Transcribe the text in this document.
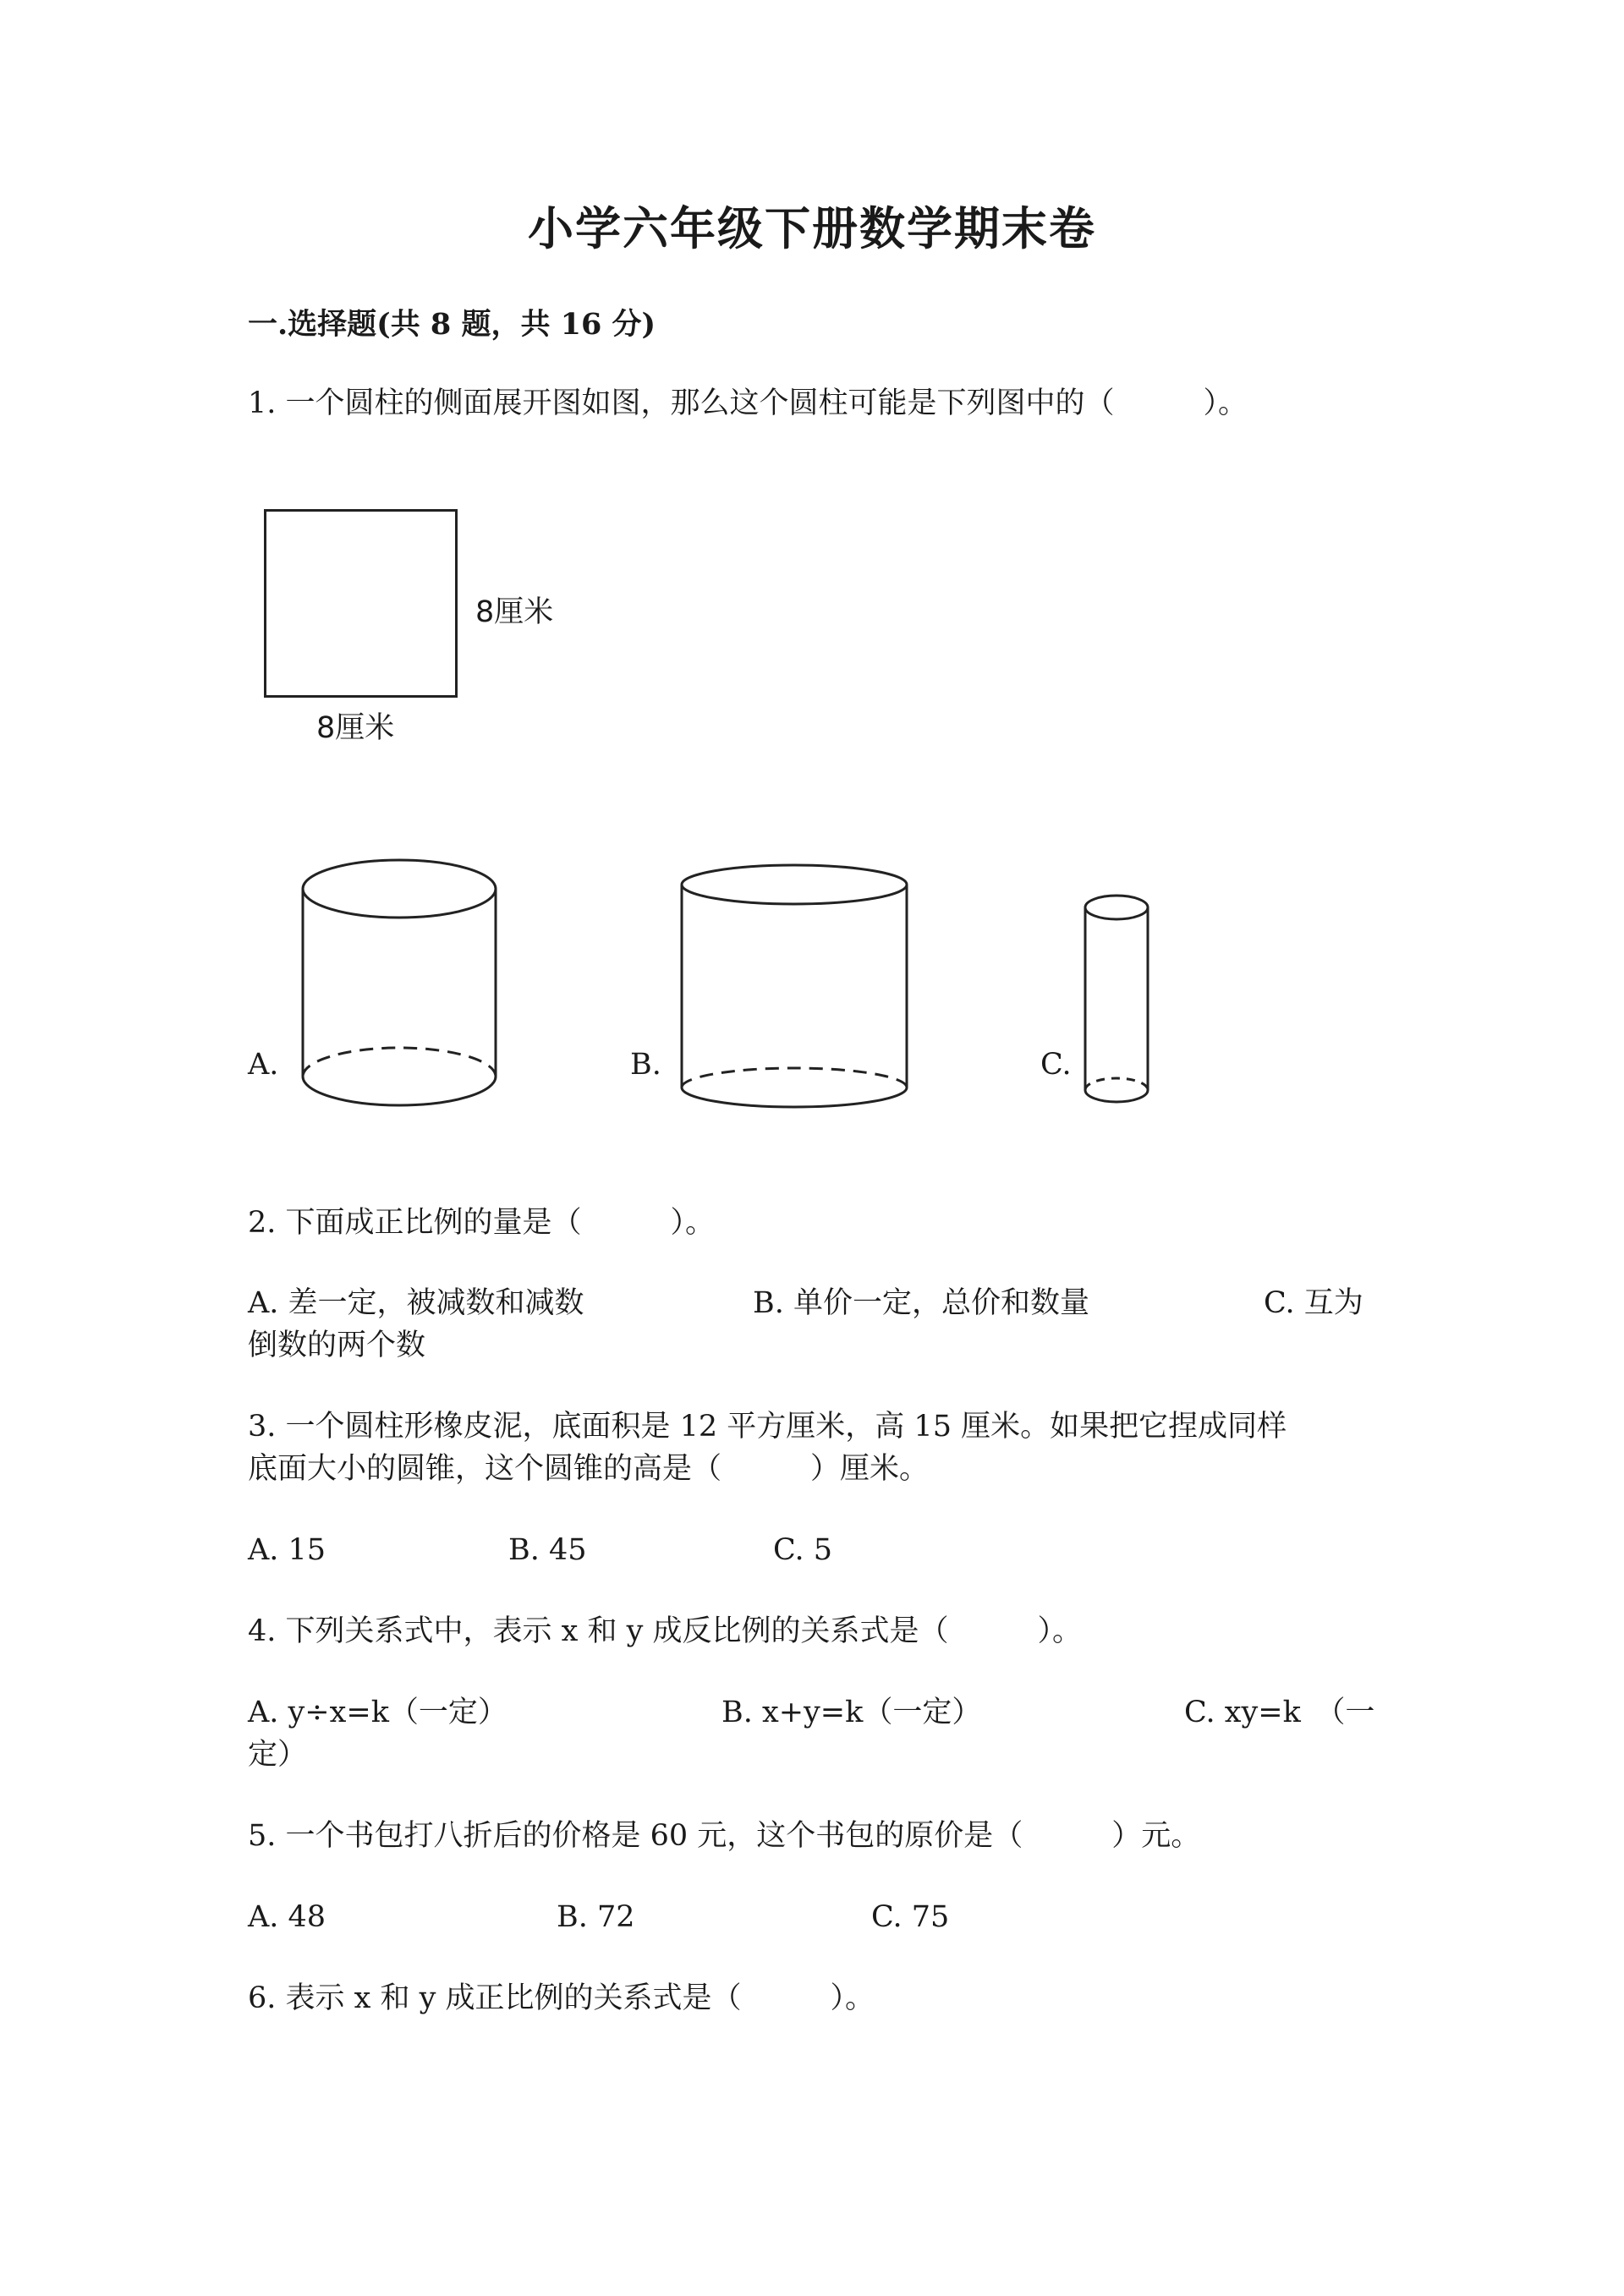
小学六年级下册数学期末卷
一.选择题(共 8 题，共 16 分)
1. 一个圆柱的侧面展开图如图，那么这个圆柱可能是下列图中的（　　　）。
8厘米
8厘米
A.	B.	C.
2. 下面成正比例的量是（　　　）。
A. 差一定，被减数和减数	B. 单价一定，总价和数量	C. 互为
倒数的两个数
3. 一个圆柱形橡皮泥，底面积是 12 平方厘米，高 15 厘米。如果把它捏成同样
底面大小的圆锥，这个圆锥的高是（　　　）厘米。
A. 15	B. 45	C. 5
4. 下列关系式中，表示 x 和 y 成反比例的关系式是（　　　）。
A. y÷x=k（一定）	B. x+y=k（一定）	C. xy=k　（一
定）
5. 一个书包打八折后的价格是 60 元，这个书包的原价是（　　　）元。
A. 48	B. 72	C. 75
6. 表示 x 和 y 成正比例的关系式是（　　　）。
